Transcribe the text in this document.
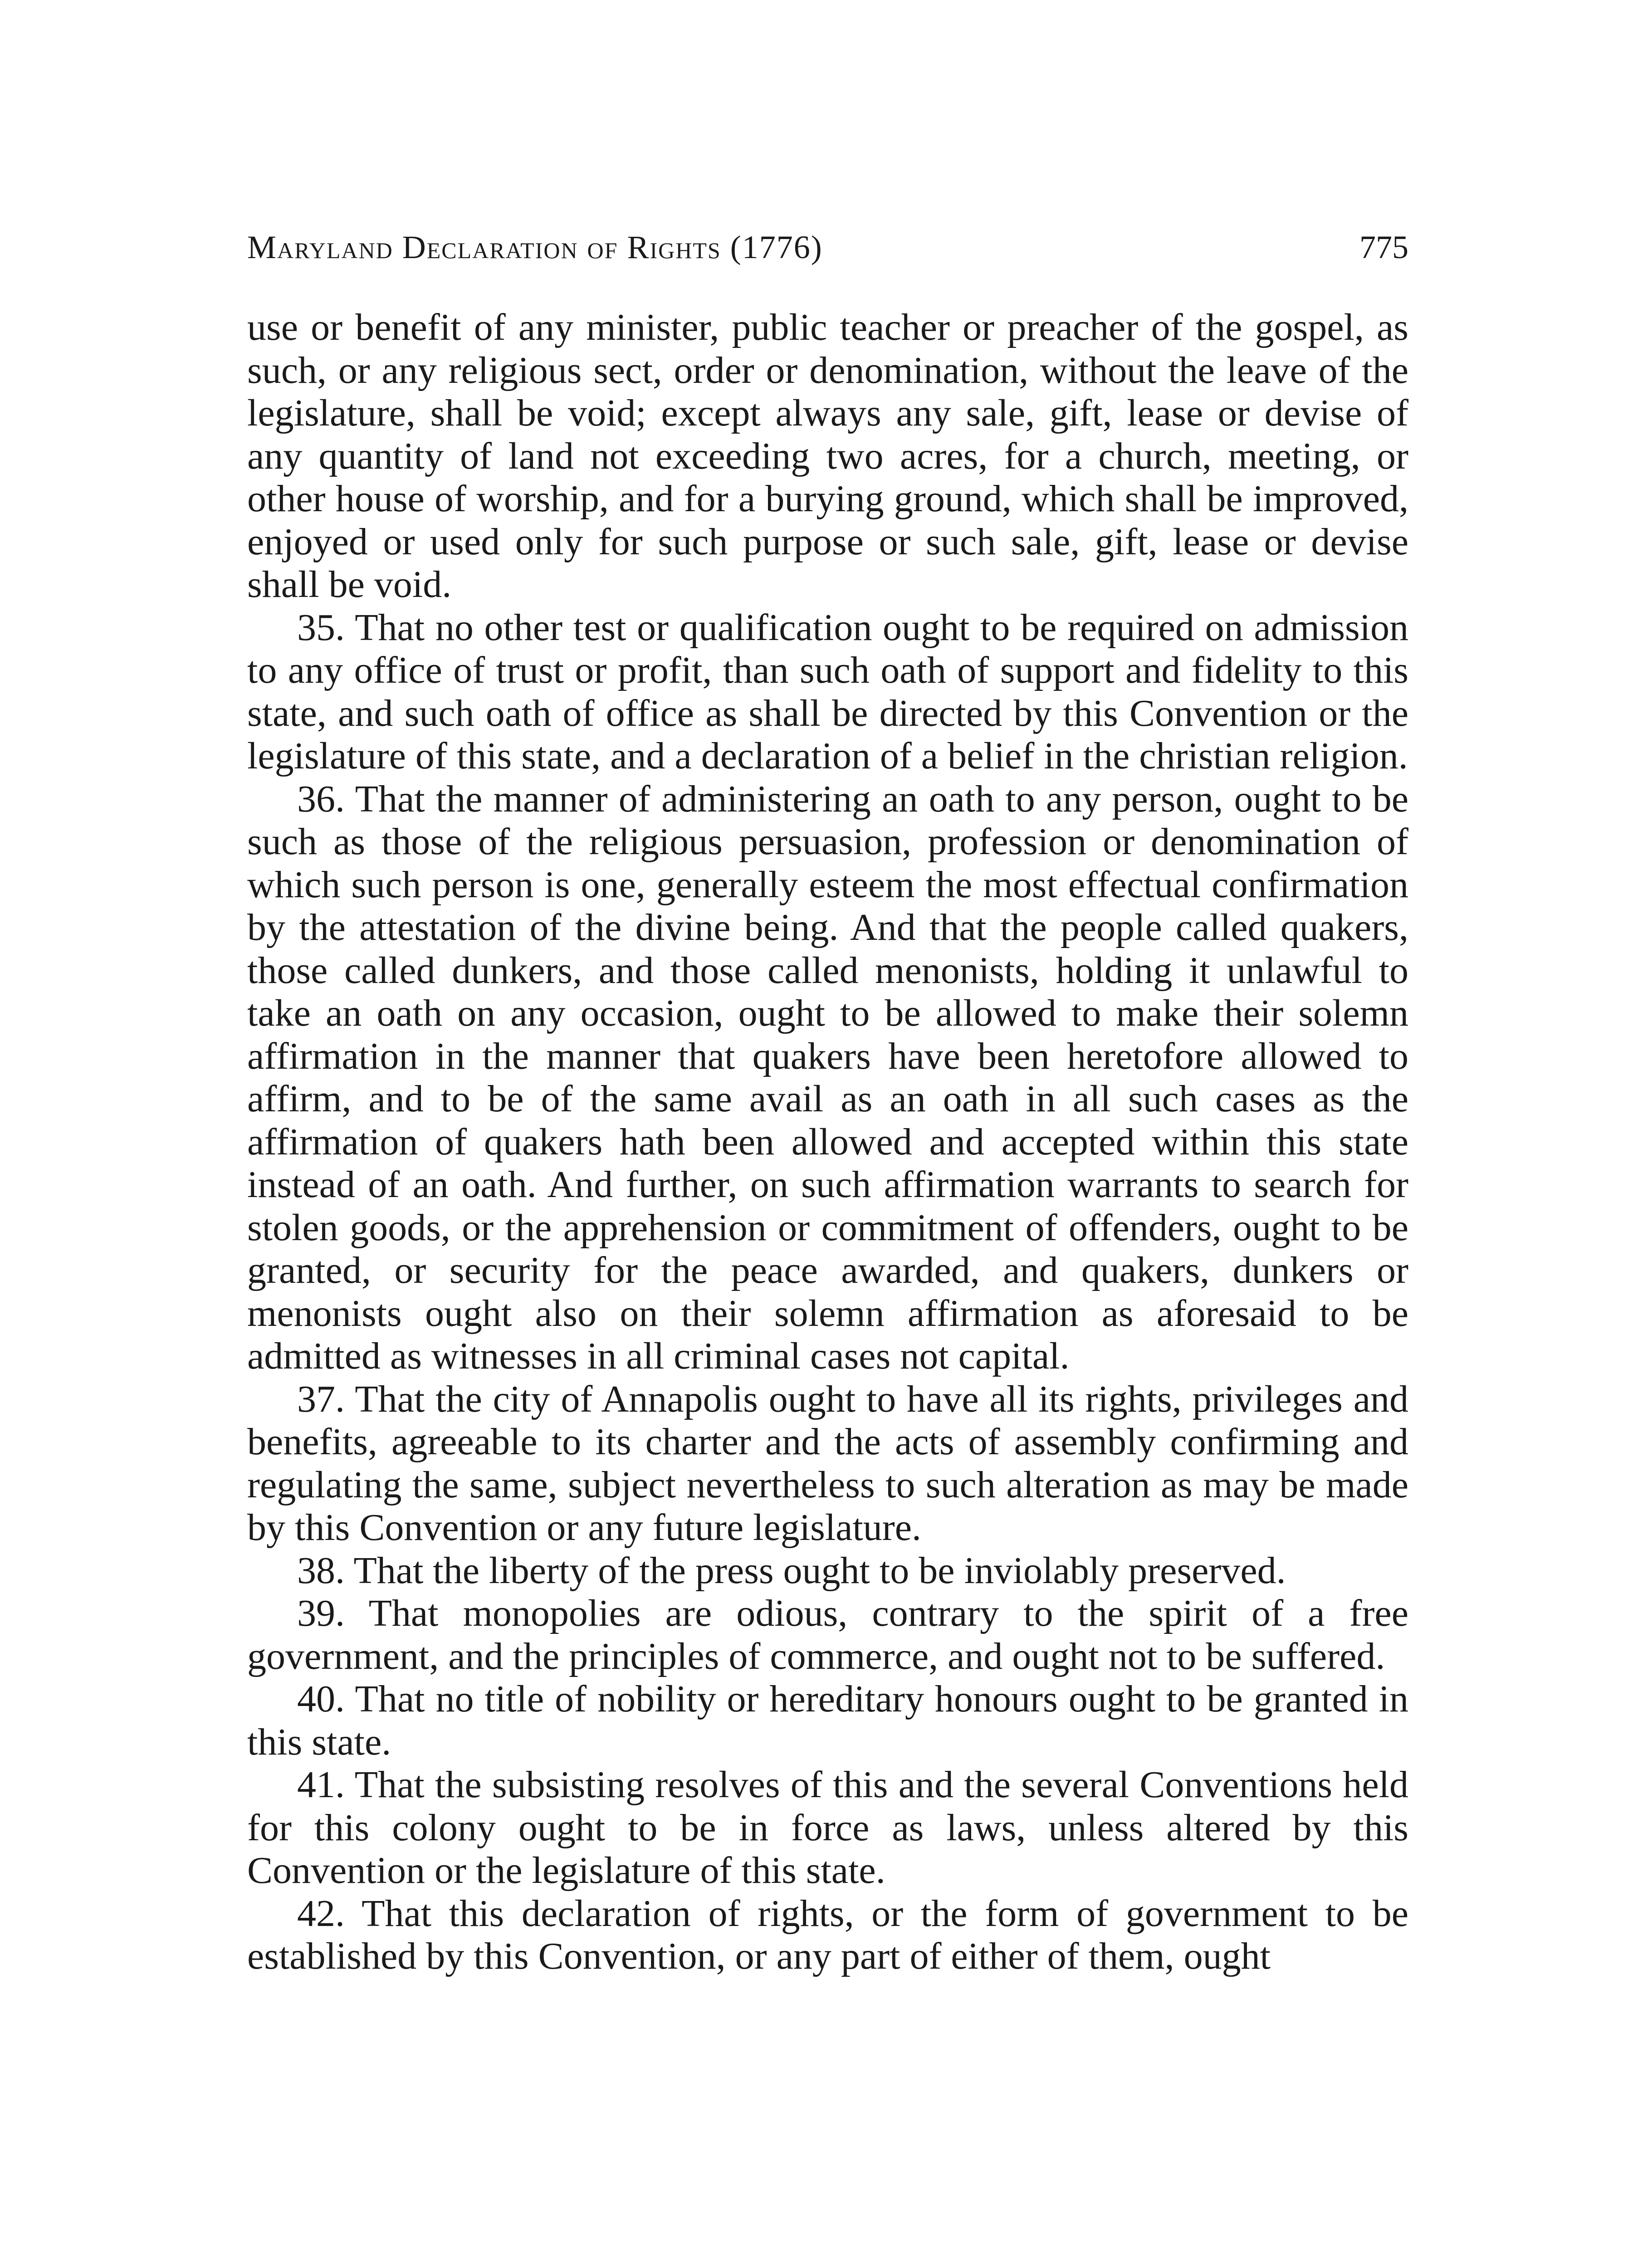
Maryland Declaration of Rights (1776)	775

use or benefit of any minister, public teacher or preacher of the gospel, as such, or any religious sect, order or denomination, without the leave of the legislature, shall be void; except always any sale, gift, lease or devise of any quantity of land not exceeding two acres, for a church, meeting, or other house of worship, and for a burying ground, which shall be improved, enjoyed or used only for such purpose or such sale, gift, lease or devise shall be void.

35. That no other test or qualification ought to be required on admission to any office of trust or profit, than such oath of support and fidelity to this state, and such oath of office as shall be directed by this Convention or the legislature of this state, and a declaration of a belief in the christian religion.

36. That the manner of administering an oath to any person, ought to be such as those of the religious persuasion, profession or denomination of which such person is one, generally esteem the most effectual confirmation by the attestation of the divine being. And that the people called quakers, those called dunkers, and those called menonists, holding it unlawful to take an oath on any occasion, ought to be allowed to make their solemn affirmation in the manner that quakers have been heretofore allowed to affirm, and to be of the same avail as an oath in all such cases as the affirmation of quakers hath been allowed and accepted within this state instead of an oath. And further, on such affirmation warrants to search for stolen goods, or the apprehension or commitment of offenders, ought to be granted, or security for the peace awarded, and quakers, dunkers or menonists ought also on their solemn affirmation as aforesaid to be admitted as witnesses in all criminal cases not capital.

37. That the city of Annapolis ought to have all its rights, privileges and benefits, agreeable to its charter and the acts of assembly confirming and regulating the same, subject nevertheless to such alteration as may be made by this Convention or any future legislature.

38. That the liberty of the press ought to be inviolably preserved.

39. That monopolies are odious, contrary to the spirit of a free government, and the principles of commerce, and ought not to be suffered.

40. That no title of nobility or hereditary honours ought to be granted in this state.

41. That the subsisting resolves of this and the several Conventions held for this colony ought to be in force as laws, unless altered by this Convention or the legislature of this state.

42. That this declaration of rights, or the form of government to be established by this Convention, or any part of either of them, ought
